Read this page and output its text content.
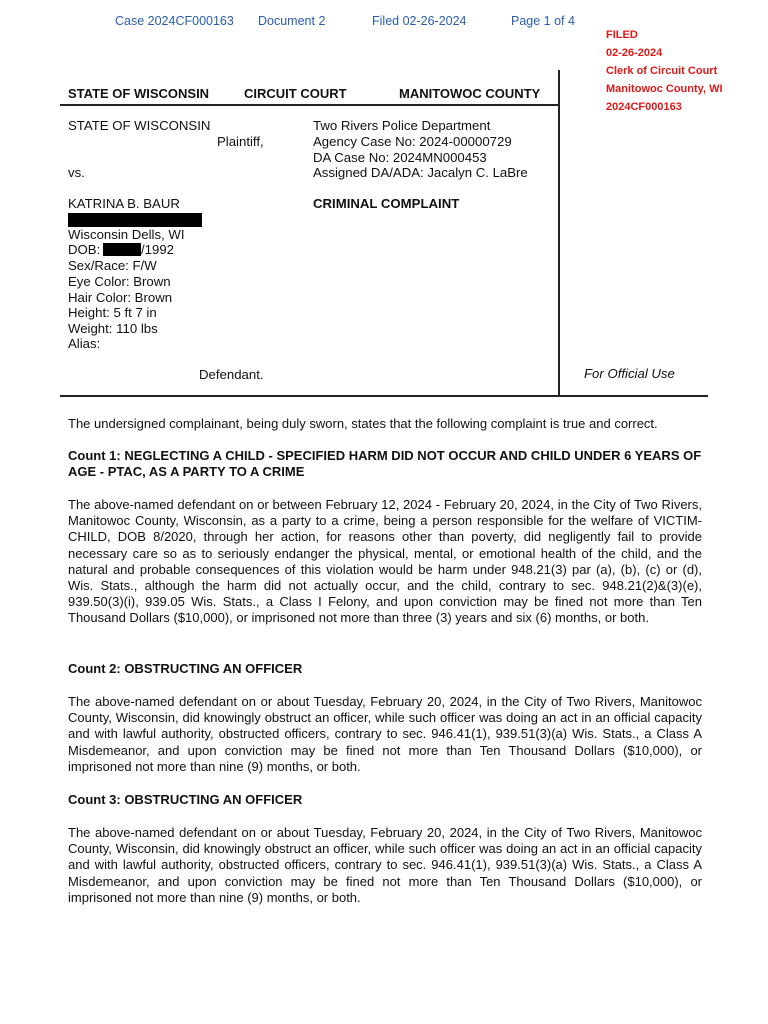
Case 2024CF000163 Document 2	Filed 02-26-2024	Page 1 of 4
FILED
02-26-2024
Clerk of Circuit Court
Manitowoc County, WI
2024CF000163
STATE OF WISCONSIN	CIRCUIT COURT	MANITOWOC COUNTY
STATE OF WISCONSIN
Plaintiff,
vs.
KATRINA B. BAUR
Wisconsin Dells, WI
DOB:	/1992
Sex/Race: F/W
Eye Color: Brown
Hair Color: Brown
Height: 5 ft 7 in
Weight: 110 lbs
Alias:
Defendant.
Two Rivers Police Department
Agency Case No: 2024-00000729
DA Case No: 2024MN000453
Assigned DA/ADA: Jacalyn C. LaBre
CRIMINAL COMPLAINT
For Official Use
The undersigned complainant, being duly sworn, states that the following complaint is true and correct.
Count 1: NEGLECTING A CHILD - SPECIFIED HARM DID NOT OCCUR AND CHILD UNDER 6 YEARS OF AGE - PTAC, AS A PARTY TO A CRIME
The above-named defendant on or between February 12, 2024 - February 20, 2024, in the City of Two Rivers, Manitowoc County, Wisconsin, as a party to a crime, being a person responsible for the welfare of VICTIM-CHILD, DOB 8/2020, through her action, for reasons other than poverty, did negligently fail to provide necessary care so as to seriously endanger the physical, mental, or emotional health of the child, and the natural and probable consequences of this violation would be harm under 948.21(3) par (a), (b), (c) or (d), Wis. Stats., although the harm did not actually occur, and the child, contrary to sec. 948.21(2)&(3)(e), 939.50(3)(i), 939.05 Wis. Stats., a Class I Felony, and upon conviction may be fined not more than Ten Thousand Dollars ($10,000), or imprisoned not more than three (3) years and six (6) months, or both.
Count 2: OBSTRUCTING AN OFFICER
The above-named defendant on or about Tuesday, February 20, 2024, in the City of Two Rivers, Manitowoc County, Wisconsin, did knowingly obstruct an officer, while such officer was doing an act in an official capacity and with lawful authority, obstructed officers, contrary to sec. 946.41(1), 939.51(3)(a) Wis. Stats., a Class A Misdemeanor, and upon conviction may be fined not more than Ten Thousand Dollars ($10,000), or imprisoned not more than nine (9) months, or both.
Count 3: OBSTRUCTING AN OFFICER
The above-named defendant on or about Tuesday, February 20, 2024, in the City of Two Rivers, Manitowoc County, Wisconsin, did knowingly obstruct an officer, while such officer was doing an act in an official capacity and with lawful authority, obstructed officers, contrary to sec. 946.41(1), 939.51(3)(a) Wis. Stats., a Class A Misdemeanor, and upon conviction may be fined not more than Ten Thousand Dollars ($10,000), or imprisoned not more than nine (9) months, or both.
